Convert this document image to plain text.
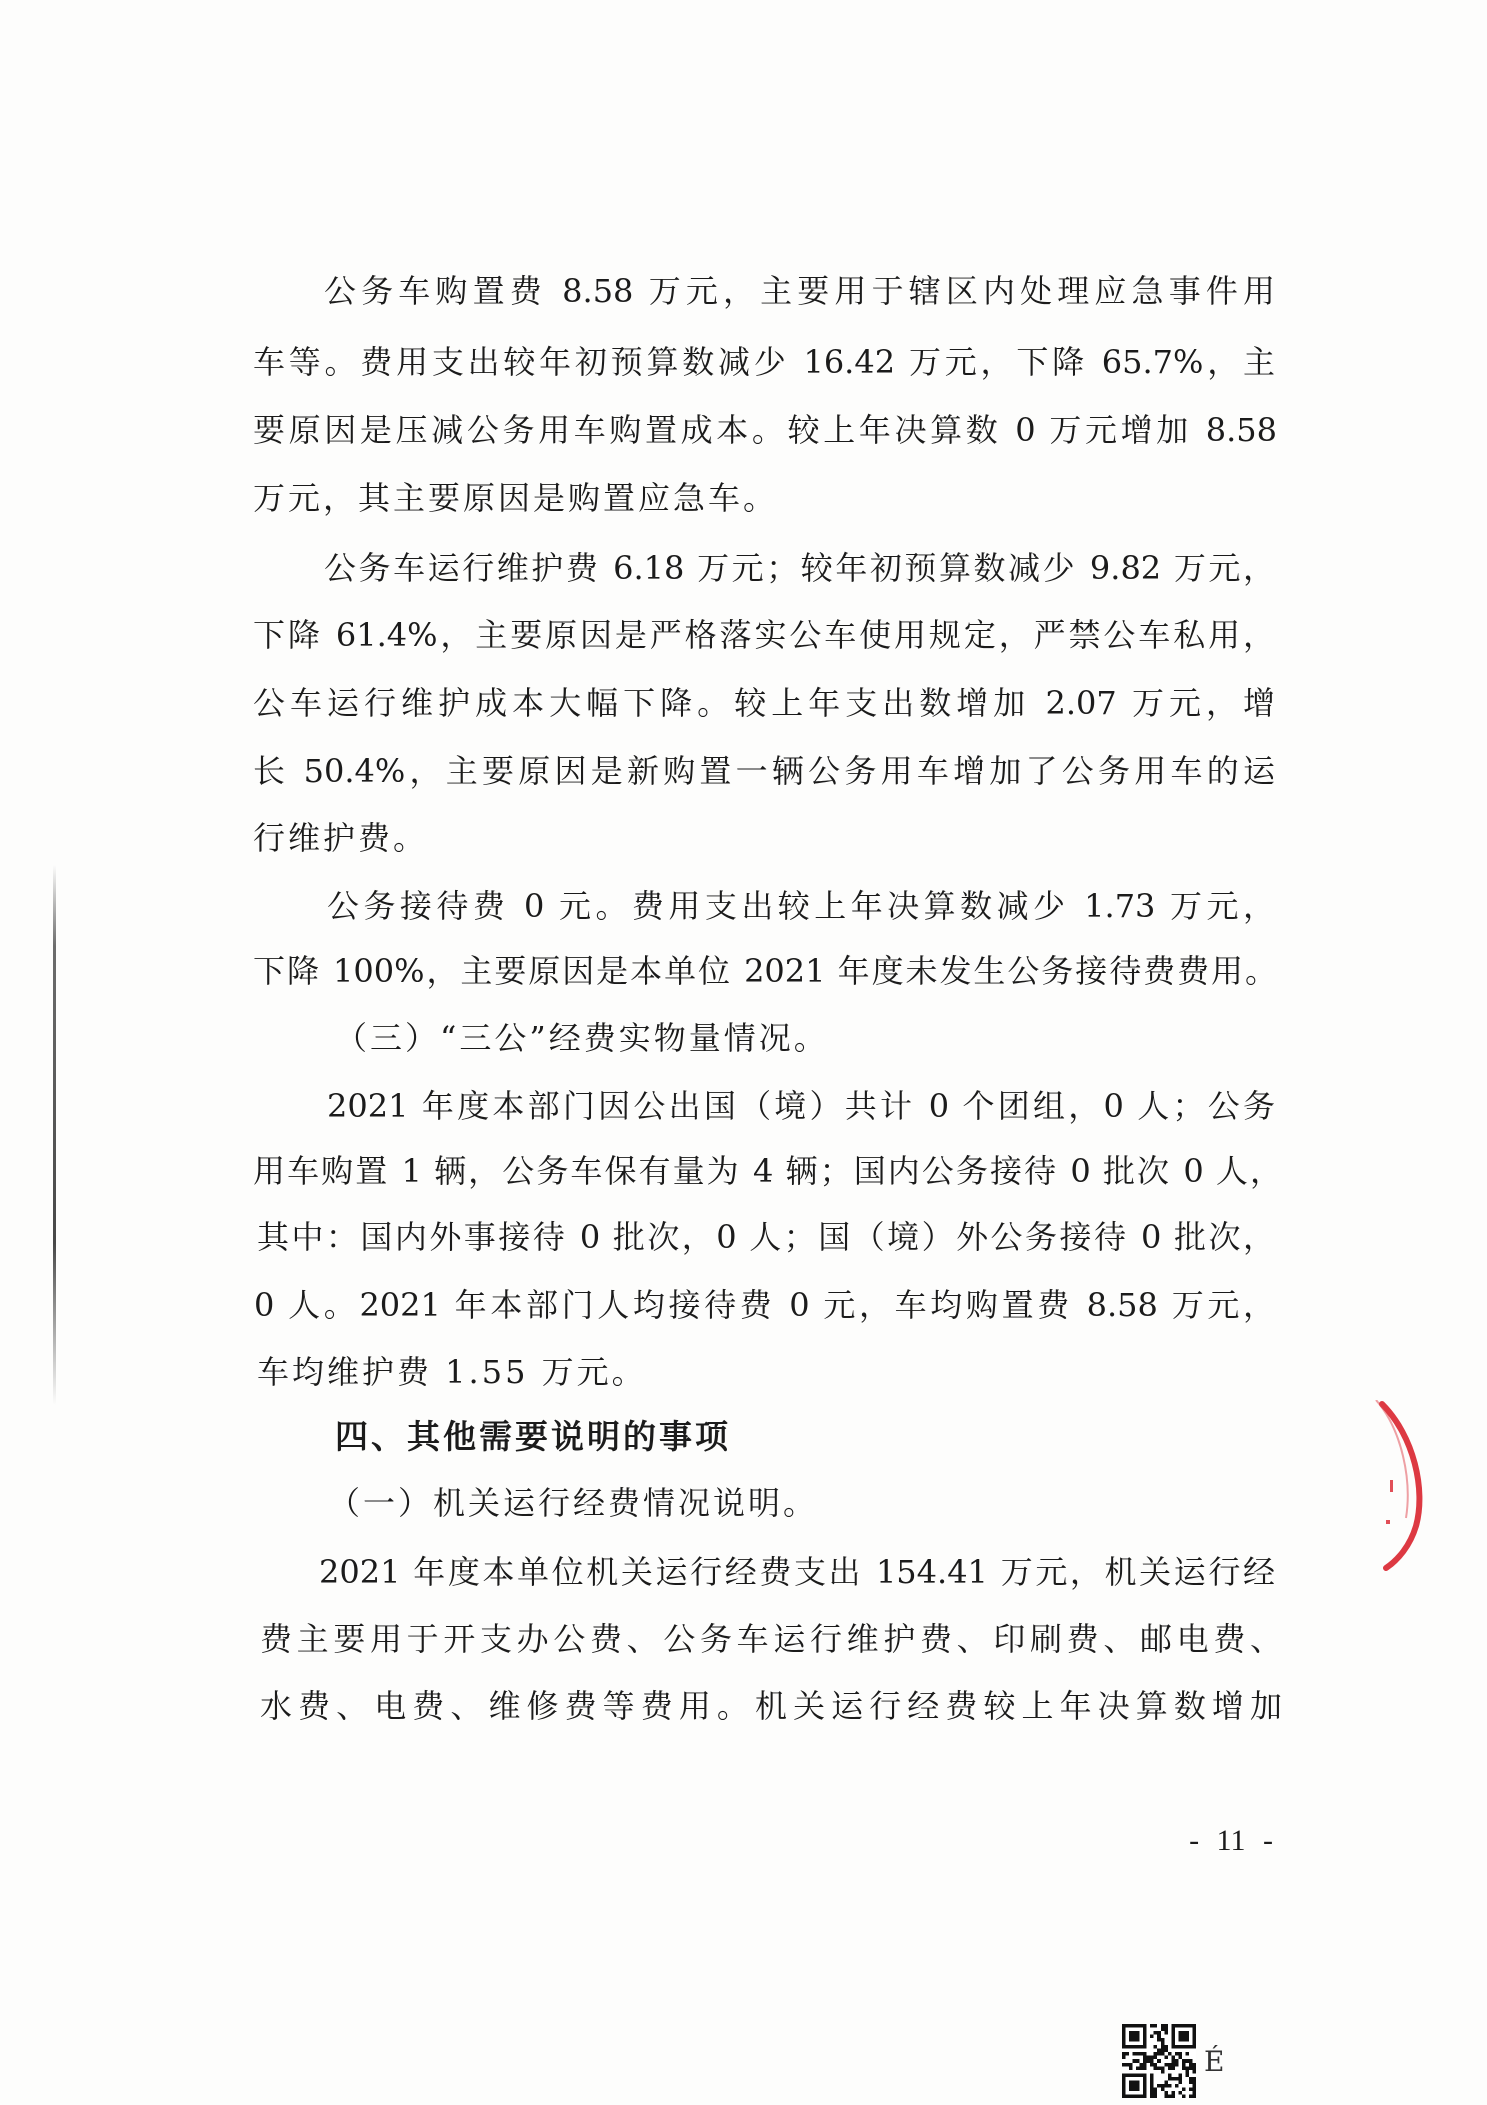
公务车购置费 8.58 万元，主要用于辖区内处理应急事件用
车等。费用支出较年初预算数减少 16.42 万元，下降 65.7%，主
要原因是压减公务用车购置成本。较上年决算数 0 万元增加 8.58
万元，其主要原因是购置应急车。
公务车运行维护费 6.18 万元；较年初预算数减少 9.82 万元，
下降 61.4%，主要原因是严格落实公车使用规定，严禁公车私用，
公车运行维护成本大幅下降。较上年支出数增加 2.07 万元，增
长 50.4%，主要原因是新购置一辆公务用车增加了公务用车的运
行维护费。
公务接待费 0 元。费用支出较上年决算数减少 1.73 万元，
下降 100%，主要原因是本单位 2021 年度未发生公务接待费费用。
（三）“三公”经费实物量情况。
2021 年度本部门因公出国（境）共计 0 个团组，0 人；公务
用车购置 1 辆，公务车保有量为 4 辆；国内公务接待 0 批次 0 人，
其中：国内外事接待 0 批次，0 人；国（境）外公务接待 0 批次，
0 人。2021 年本部门人均接待费 0 元，车均购置费 8.58 万元，
车均维护费 1.55 万元。
四、其他需要说明的事项
（一）机关运行经费情况说明。
2021 年度本单位机关运行经费支出 154.41 万元，机关运行经
费主要用于开支办公费、公务车运行维护费、印刷费、邮电费、
水费、电费、维修费等费用。机关运行经费较上年决算数增加
- 11 -
É
